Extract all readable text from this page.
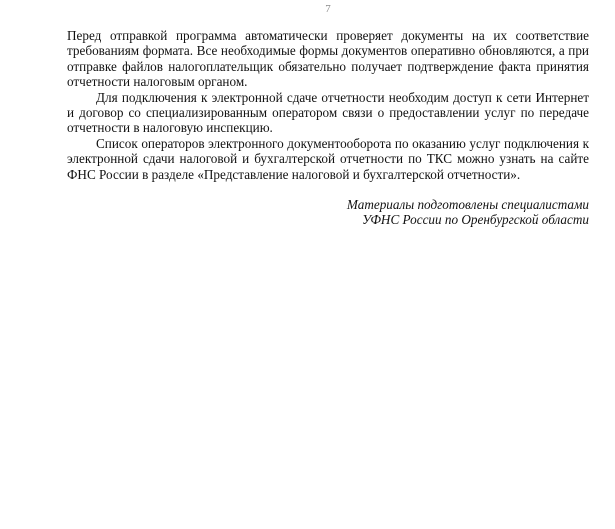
7

Перед отправкой программа автоматически проверяет документы на их соответствие требованиям формата. Все необходимые формы документов оперативно обновляются, а при отправке файлов налогоплательщик обязательно получает подтверждение факта принятия отчетности налоговым органом.

Для подключения к электронной сдаче отчетности необходим доступ к сети Интернет и договор со специализированным оператором связи о предоставлении услуг по передаче отчетности в налоговую инспекцию.

Список операторов электронного документооборота по оказанию услуг подключения к электронной сдачи налоговой и бухгалтерской отчетности по ТКС можно узнать на сайте ФНС России в разделе «Представление налоговой и бухгалтерской отчетности».

Материалы подготовлены специалистами
УФНС России по Оренбургской области
